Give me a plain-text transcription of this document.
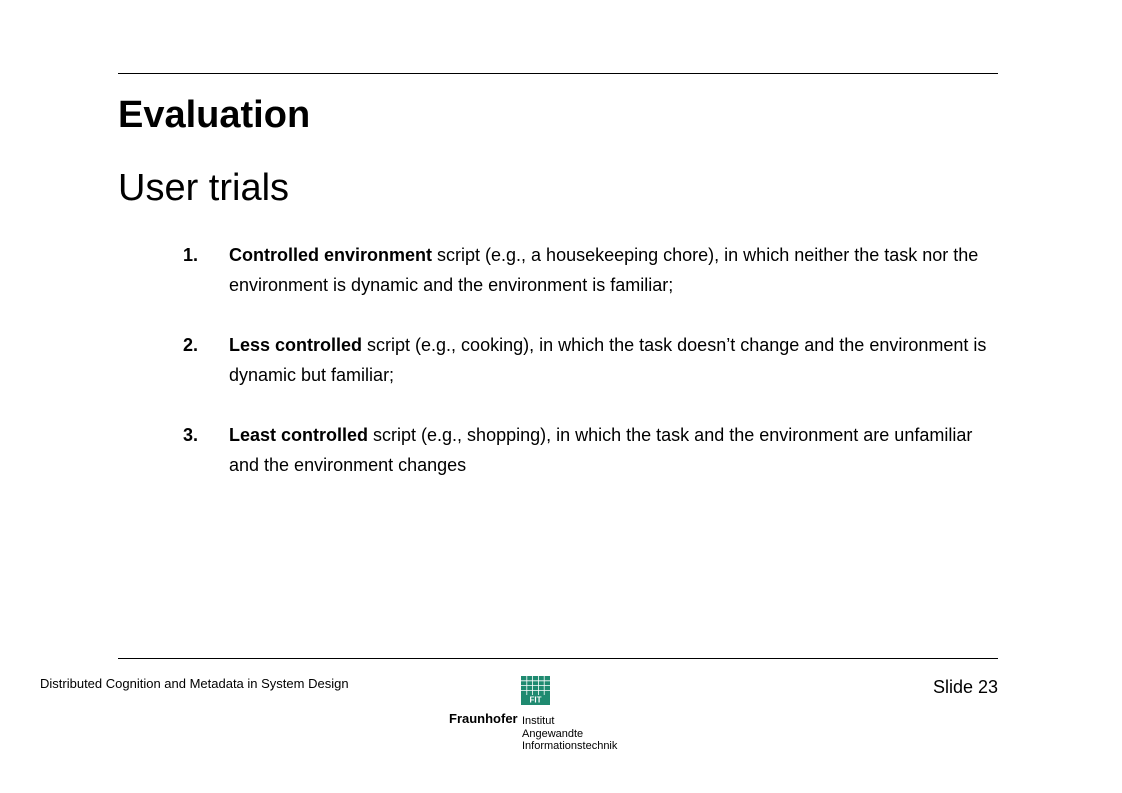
Evaluation
User trials
1. Controlled environment script (e.g., a housekeeping chore), in which neither the task nor the environment is dynamic and the environment is familiar;
2. Less controlled script (e.g., cooking), in which the task doesn’t change and the environment is dynamic but familiar;
3. Least controlled script (e.g., shopping), in which the task and the environment are unfamiliar and the environment changes
Distributed Cognition and Metadata in System Design	Slide 23
FIT
Fraunhofer Institut
Angewandte
Informationstechnik
